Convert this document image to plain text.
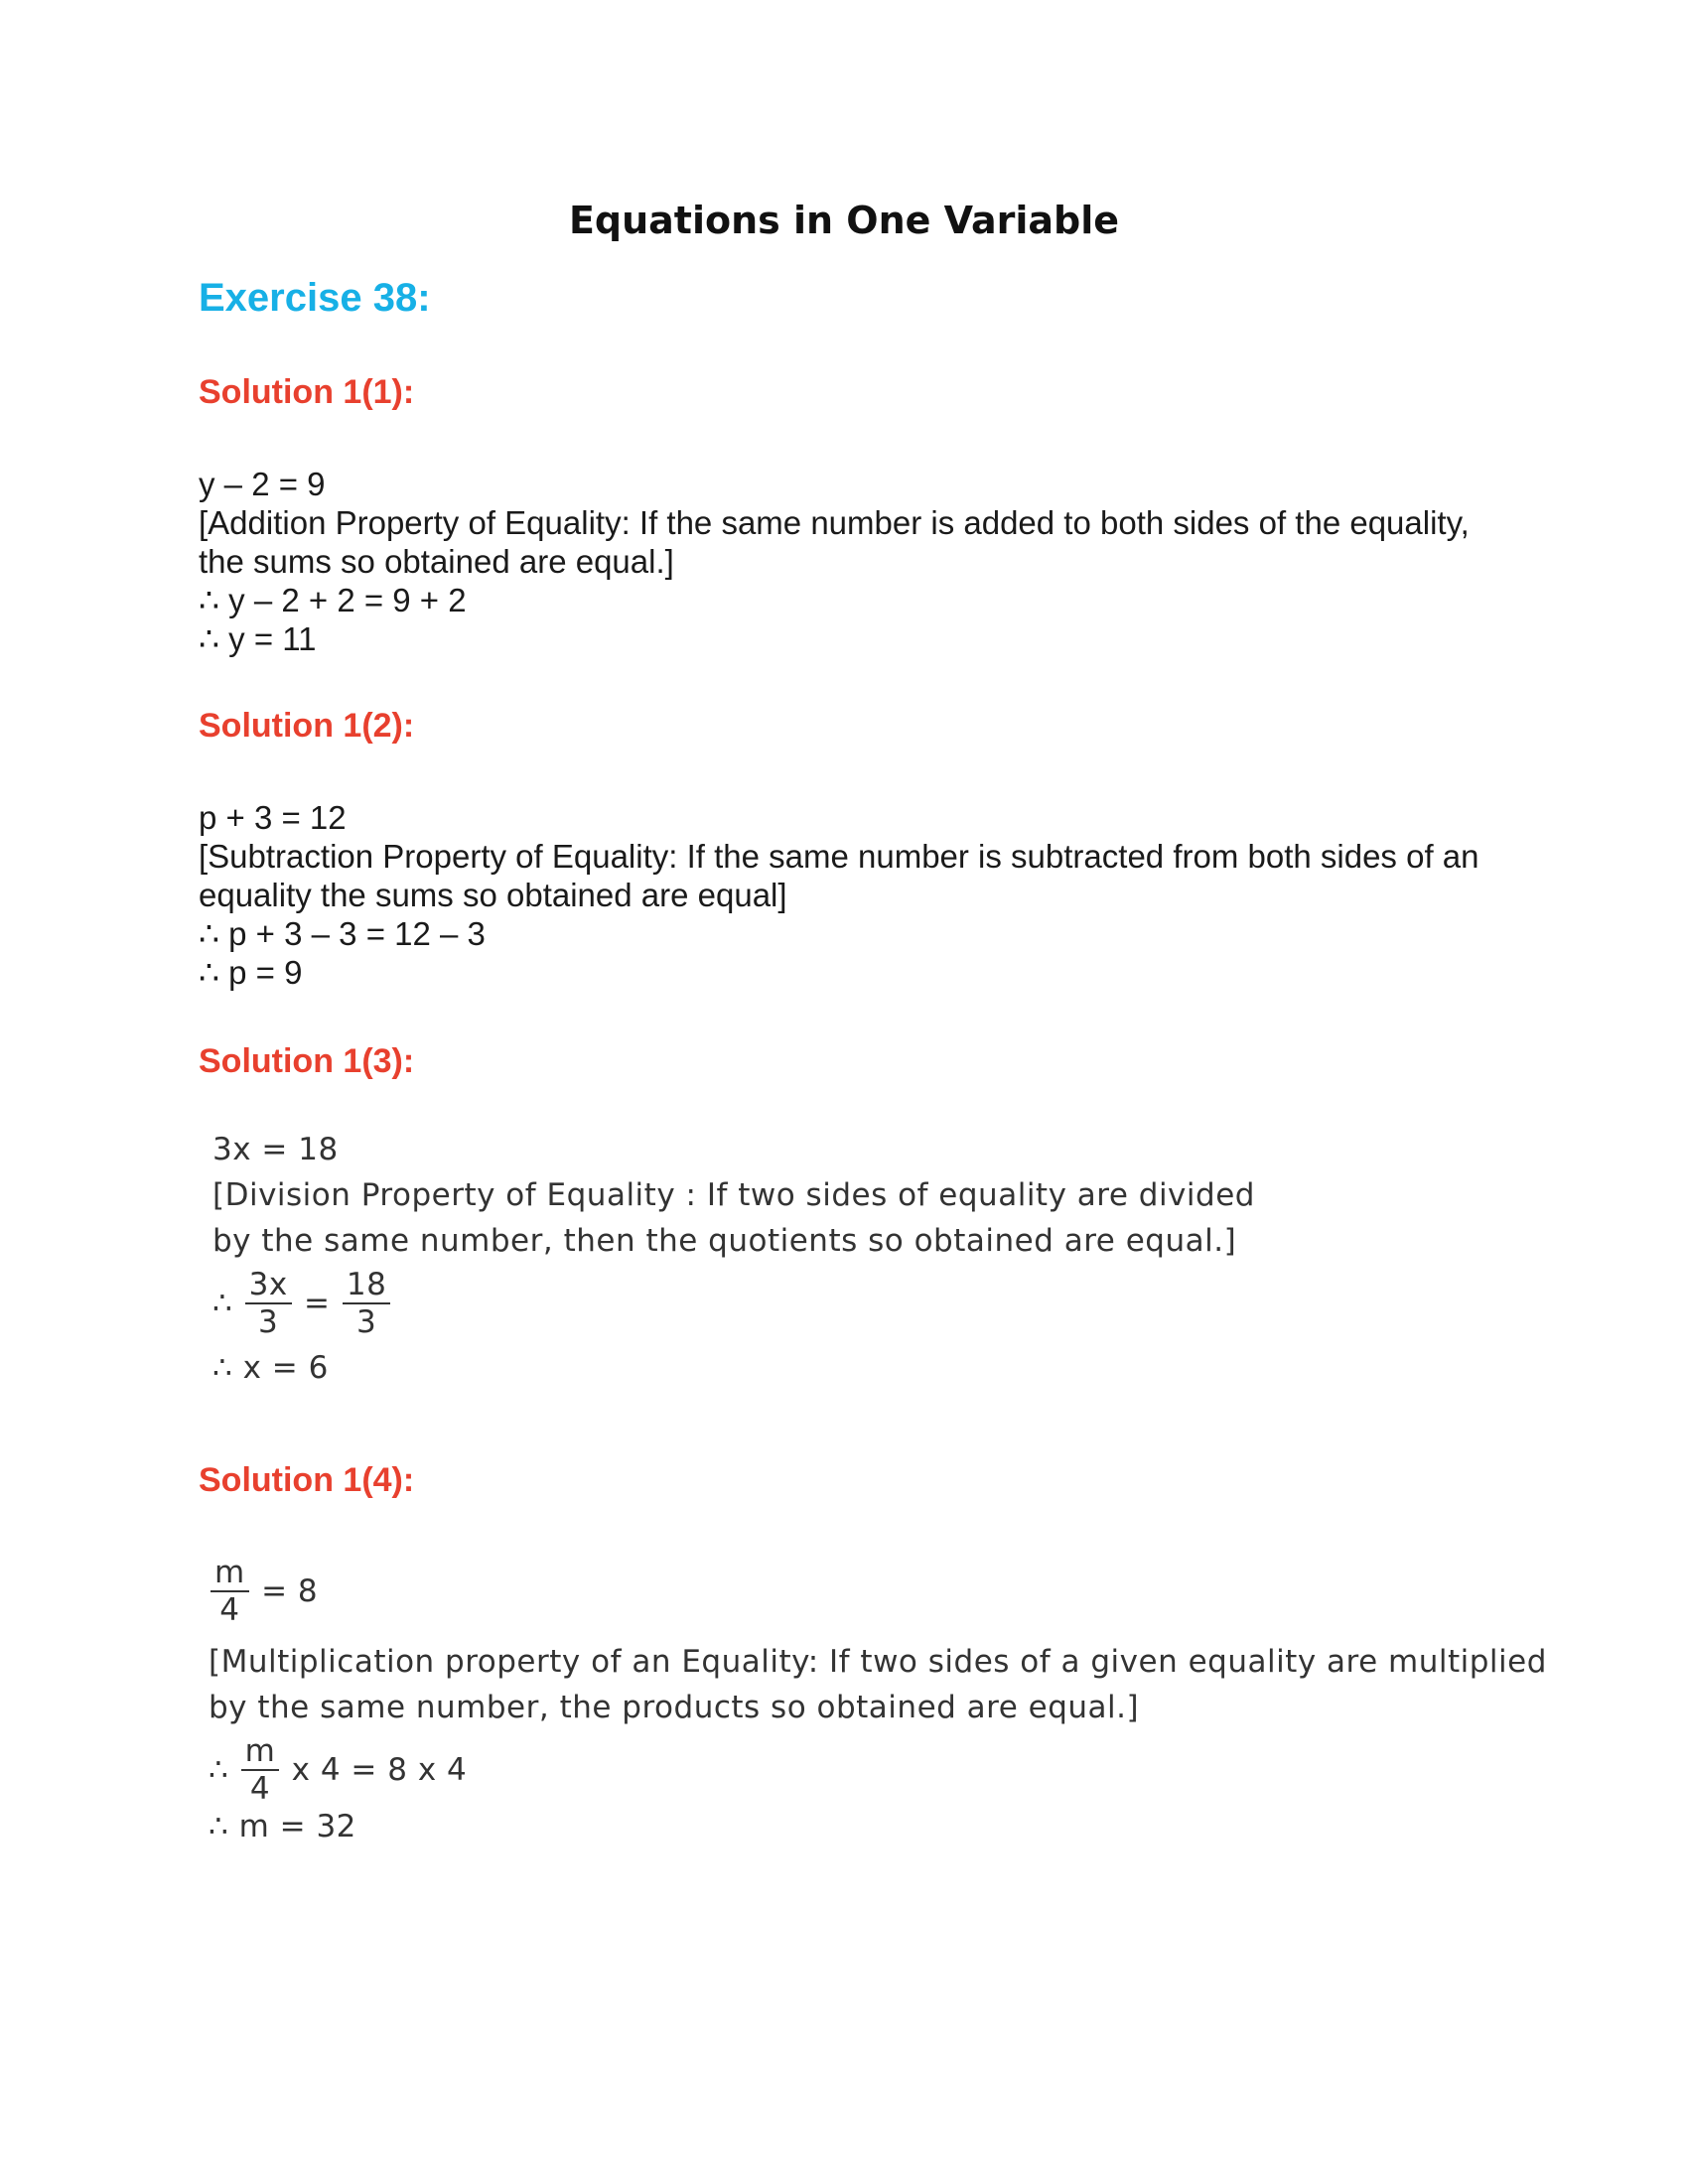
Equations in One Variable
Exercise 38:
Solution 1(1):
y – 2 = 9
[Addition Property of Equality: If the same number is added to both sides of the equality, the sums so obtained are equal.]
∴ y – 2 + 2 = 9 + 2
∴ y = 11
Solution 1(2):
p + 3 = 12
[Subtraction Property of Equality: If the same number is subtracted from both sides of an equality the sums so obtained are equal]
∴ p + 3 – 3 = 12 – 3
∴ p = 9
Solution 1(3):
3x = 18
[Division Property of Equality : If two sides of equality are divided
by the same number, then the quotients so obtained are equal.]
∴ $\frac{3x}{3} = \frac{18}{3}$
∴ x = 6
Solution 1(4):
$\frac{m}{4} = 8$
[Multiplication property of an Equality: If two sides of a given equality are multiplied
by the same number, the products so obtained are equal.]
∴ $\frac{m}{4}$ x 4 = 8 x 4
∴ m = 32
